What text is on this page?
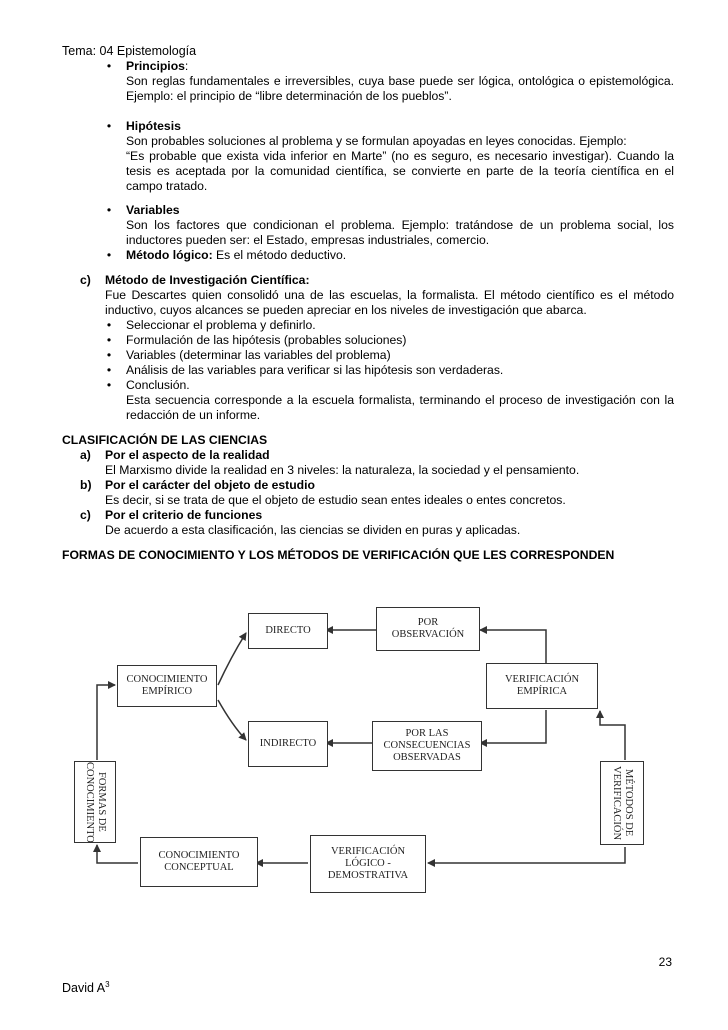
Tema: 04 Epistemología
•	Principios:
Son reglas fundamentales e irreversibles, cuya base puede ser lógica, ontológica o epistemológica.
Ejemplo: el principio de “libre determinación de los pueblos”.
•	Hipótesis
Son probables soluciones al problema y se formulan apoyadas en leyes conocidas. Ejemplo:
“Es probable que exista vida inferior en Marte” (no es seguro, es necesario investigar). Cuando la
tesis es aceptada por la comunidad científica, se convierte en parte de la teoría científica en el
campo tratado.
•	Variables
Son los factores que condicionan el problema. Ejemplo: tratándose de un problema social, los
inductores pueden ser: el Estado, empresas industriales, comercio.
•	Método lógico: Es el método deductivo.
c) Método de Investigación Científica:
Fue Descartes quien consolidó una de las escuelas, la formalista. El método científico es el método
inductivo, cuyos alcances se pueden apreciar en los niveles de investigación que abarca.
•	Seleccionar el problema y definirlo.
•	Formulación de las hipótesis (probables soluciones)
•	Variables (determinar las variables del problema)
•	Análisis de las variables para verificar si las hipótesis son verdaderas.
•	Conclusión.
Esta secuencia corresponde a la escuela formalista, terminando el proceso de investigación con la
redacción de un informe.
CLASIFICACIÓN DE LAS CIENCIAS
a) Por el aspecto de la realidad
El Marxismo divide la realidad en 3 niveles: la naturaleza, la sociedad y el pensamiento.
b) Por el carácter del objeto de estudio
Es decir, si se trata de que el objeto de estudio sean entes ideales o entes concretos.
c) Por el criterio de funciones
De acuerdo a esta clasificación, las ciencias se dividen en puras y aplicadas.
FORMAS DE CONOCIMIENTO Y LOS MÉTODOS DE VERIFICACIÓN QUE LES CORRESPONDEN
DIRECTO
POR OBSERVACIÓN
CONOCIMIENTO EMPÍRICO
VERIFICACIÓN EMPÍRICA
INDIRECTO
POR LAS CONSECUENCIAS OBSERVADAS
FORMAS DE CONOCIMIENTO	MÉTODOS DE VERIFICACIÓN
CONOCIMIENTO CONCEPTUAL
VERIFICACIÓN LÓGICO - DEMOSTRATIVA
23
David $A^3$
